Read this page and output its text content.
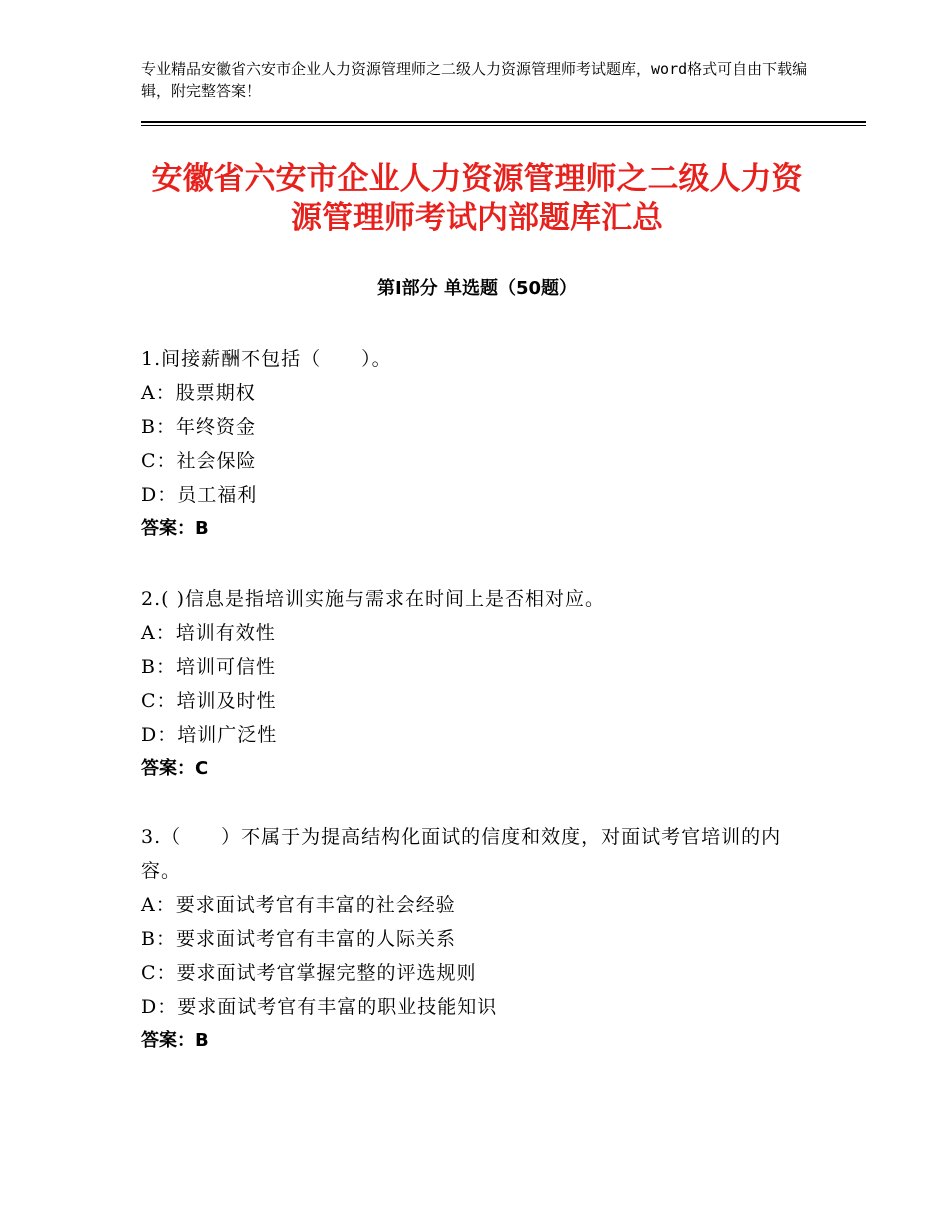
专业精品安徽省六安市企业人力资源管理师之二级人力资源管理师考试题库，word格式可自由下载编辑，附完整答案！
安徽省六安市企业人力资源管理师之二级人力资源管理师考试内部题库汇总
第Ⅰ部分 单选题（50题）

1.间接薪酬不包括（　　）。

A：股票期权

B：年终资金

C：社会保险

D：员工福利

答案：B

2.( )信息是指培训实施与需求在时间上是否相对应。

A：培训有效性

B：培训可信性

C：培训及时性

D：培训广泛性

答案：C

3.（　　）不属于为提高结构化面试的信度和效度，对面试考官培训的内容。

A：要求面试考官有丰富的社会经验

B：要求面试考官有丰富的人际关系

C：要求面试考官掌握完整的评选规则

D：要求面试考官有丰富的职业技能知识

答案：B
